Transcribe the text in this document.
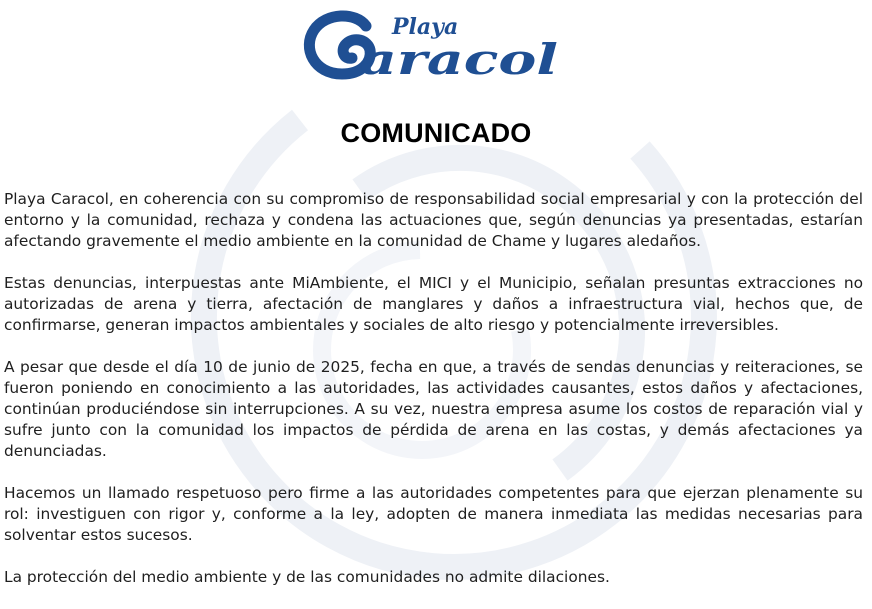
Playa
aracol
COMUNICADO

Playa Caracol, en coherencia con su compromiso de responsabilidad social empresarial y con la protección del entorno y la comunidad, rechaza y condena las actuaciones que, según denuncias ya presentadas, estarían afectando gravemente el medio ambiente en la comunidad de Chame y lugares aledaños.

Estas denuncias, interpuestas ante MiAmbiente, el MICI y el Municipio, señalan presuntas extracciones no autorizadas de arena y tierra, afectación de manglares y daños a infraestructura vial, hechos que, de confirmarse, generan impactos ambientales y sociales de alto riesgo y potencialmente irreversibles.

A pesar que desde el día 10 de junio de 2025, fecha en que, a través de sendas denuncias y reiteraciones, se fueron poniendo en conocimiento a las autoridades, las actividades causantes, estos daños y afectaciones, continúan produciéndose sin interrupciones. A su vez, nuestra empresa asume los costos de reparación vial y sufre junto con la comunidad los impactos de pérdida de arena en las costas, y demás afectaciones ya denunciadas.

Hacemos un llamado respetuoso pero firme a las autoridades competentes para que ejerzan plenamente su rol: investiguen con rigor y, conforme a la ley, adopten de manera inmediata las medidas necesarias para solventar estos sucesos.

La protección del medio ambiente y de las comunidades no admite dilaciones.
